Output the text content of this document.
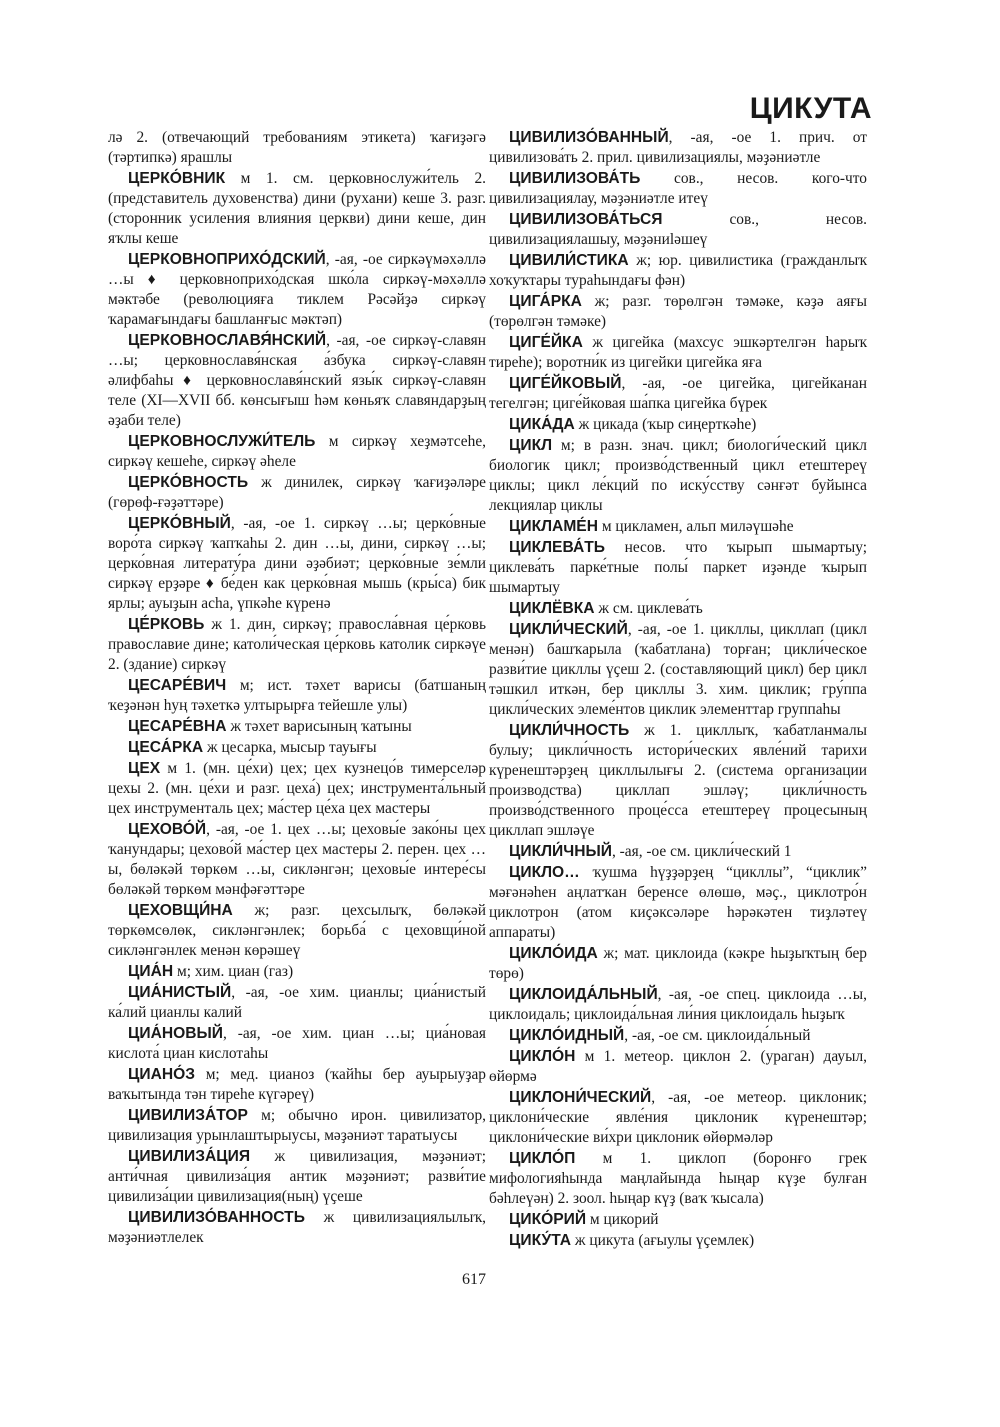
ЦИКУТА

лə 2. (отвечающий требованиям этикета) ҡағиҙəгə (тəртипкə) ярашлы

ЦЕРКО́ВНИК м 1. см. церковнослужи́тель 2. (представитель духовенства) дини (рухани) кеше 3. разг. (сторонник усиления влияния церкви) дини кеше, дин яҡлы кеше

ЦЕРКОВНОПРИХО́ДСКИЙ, -ая, -ое сиркəүмəхəллə …ы ♦ церковноприхо́дская шко́ла сиркəү-мəхəллə мəктəбе (революцияға тиклем Рəсəйҙə сиркəү ҡарамағындағы башланғыс мəктəп)

ЦЕРКОВНОСЛАВЯ́НСКИЙ, -ая, -ое сиркəү-славян …ы; церковнославя́нская а́збука сиркəү-славян əлифбаһы ♦ церковнославя́нский язы́к сиркəү-славян теле (XI—XVII бб. көнсығыш һəм көньяҡ славяндарҙың əҙаби теле)

ЦЕРКОВНОСЛУЖИ́ТЕЛЬ м сиркəү хеҙмəтсеһе, сиркəү кешеһе, сиркəү əһеле

ЦЕРКО́ВНОСТЬ ж динилек, сиркəү ҡағиҙəләре (гөрөф-ғəҙəттəре)

ЦЕРКО́ВНЫЙ, -ая, -ое 1. сиркəү …ы; церко́вные воро́та сиркəү ҡапҡаһы 2. дин …ы, дини, сиркəү …ы; церко́вная литерату́ра дини əҙəбиəт; церко́вные зе́мли сиркəү ерҙəре ♦ бе́ден как церко́вная мышь (кры́са) бик ярлы; ауыҙын асһа, үпкəһе күренə

ЦЕ́РКОВЬ ж 1. дин, сиркəү; правосла́вная це́рковь православие дине; католи́ческая це́рковь католик сиркəүе 2. (здание) сиркəү

ЦЕСАРЕ́ВИЧ м; ист. тəхет варисы (батшаның ҡеҙəнəн һуң тəхеткə ултырырға тейешле улы)

ЦЕСАРЕ́ВНА ж тəхет варисының ҡатыны

ЦЕСА́РКА ж цесарка, мысыр тауығы

ЦЕХ м 1. (мн. це́хи) цех; цех кузнецо́в тимерселəр цехы 2. (мн. це́хи и разг. цеха́) цех; инструмента́льный цех инструменталь цех; ма́стер це́ха цех мастеры

ЦЕХОВО́Й, -ая, -ое 1. цех …ы; цеховы́е зако́ны цех ҡанундары; цехово́й ма́стер цех мастеры 2. перен. цех …ы, бөлəкəй төркөм …ы, сикләнгəн; цеховы́е интере́сы бөлəкəй төркөм мəнфəғəттəре

ЦЕХОВЩИ́НА ж; разг. цехсылыҡ, бөлəкəй төркөмсөлөк, сикләнгəнлек; борьба́ с цеховщи́ной сикләнгəнлек менəн көрəшеү

ЦИА́Н м; хим. циан (газ)

ЦИА́НИСТЫЙ, -ая, -ое хим. цианлы; циа́нистый ка́лий цианлы калий

ЦИА́НОВЫЙ, -ая, -ое хим. циан …ы; циа́новая кислота́ циан кислотаһы

ЦИАНО́З м; мед. цианоз (ҡайһы бер ауырыуҙар ваҡытында тəн тиреһе күгəреү)

ЦИВИЛИЗА́ТОР м; обычно ирон. цивилизатор, цивилизация урынлаштырыусы, мəҙəниəт таратыусы

ЦИВИЛИЗА́ЦИЯ ж цивилизация, мəҙəниəт; анти́чная цивилиза́ция антик мəҙəниəт; разви́тие цивилиза́ции цивилизация(ның) үҫеше

ЦИВИЛИЗО́ВАННОСТЬ ж цивилизациялылыҡ, мəҙəниəтлелек

ЦИВИЛИЗО́ВАННЫЙ, -ая, -ое 1. прич. от цивилизова́ть 2. прил. цивилизациялы, мəҙəниəтле

ЦИВИЛИЗОВА́ТЬ сов., несов. кого-что цивилизациялау, мəҙəниəтле итеү

ЦИВИЛИЗОВА́ТЬСЯ сов., несов. цивилизациялашыу, мəҙəниləшеү

ЦИВИЛИ́СТИКА ж; юр. цивилистика (гражданлыҡ хоҡуҡтары тураһындағы фəн)

ЦИГА́РКА ж; разг. төрөлгəн тəмəке, кəҙə аяғы (төрөлгəн тəмəке)

ЦИГЕ́ЙКА ж цигейка (махсус эшкəртелгəн һарыҡ тиреһе); воротни́к из цигейки цигейка яға

ЦИГЕ́ЙКОВЫЙ, -ая, -ое цигейка, цигейканан тегелгəн; циге́йковая ша́пка цигейка бүрек

ЦИКА́ДА ж цикада (ҡыр сиңерткəһе)

ЦИКЛ м; в разн. знач. цикл; биологи́ческий цикл биологик цикл; произво́дственный цикл етештереү циклы; цикл ле́кций по иску́сству сəнғəт буйынса лекциялар циклы

ЦИКЛАМЕ́Н м цикламен, альп миләүшəһе

ЦИКЛЕВА́ТЬ несов. что ҡырып шымартыу; циклева́ть парке́тные полы́ паркет иҙəнде ҡырып шымартыу

ЦИКЛЁВКА ж см. циклева́ть

ЦИКЛИ́ЧЕСКИЙ, -ая, -ое 1. цикллы, цикллап (цикл менəн) башҡарыла (ҡабатлана) торған; цикли́ческое разви́тие цикллы үҫеш 2. (составляющий цикл) бер цикл тəшкил иткəн, бер цикллы 3. хим. циклик; гру́ппа цикли́ческих элеме́нтов циклик элементтар группаһы

ЦИКЛИ́ЧНОСТЬ ж 1. цикллыҡ, ҡабатланмалы булыу; цикли́чность истори́ческих явле́ний тарихи күренештəрҙең цикллылығы 2. (система организации производства) цикллап эшлəү; цикли́чность произво́дственного проце́сса етештереү процесының цикллап эшлəүе

ЦИКЛИ́ЧНЫЙ, -ая, -ое см. цикли́ческий 1

ЦИКЛО… ҡушма һүҙҙəрҙең “цикллы”, “циклик” мəғəнəһен аңлатҡан беренсе өлөшө, мəҫ., циклотро́н циклотрон (атом киҫəксəләре һəрəкəтен тиҙләтеү аппараты)

ЦИКЛО́ИДА ж; мат. циклоида (кәкре һыҙыҡтың бер төрө)

ЦИКЛОИДА́ЛЬНЫЙ, -ая, -ое спец. циклоида …ы, циклоидаль; циклоида́льная ли́ния циклоидаль һыҙыҡ

ЦИКЛО́ИДНЫЙ, -ая, -ое см. циклоида́льный

ЦИКЛО́Н м 1. метеор. циклон 2. (ураган) дауыл, өйөрмə

ЦИКЛОНИ́ЧЕСКИЙ, -ая, -ое метеор. циклоник; циклони́ческие явле́ния циклоник күренештəр; циклони́ческие ви́хри циклоник өйөрмəләр

ЦИКЛО́П м 1. циклоп (боронғо грек мифологияһында маңлайында һыңар күҙе булған бəһлеүəн) 2. зоол. һыңар күҙ (ваҡ ҡысала)

ЦИКО́РИЙ м цикорий

ЦИКУ́ТА ж цикута (ағыулы үҫемлек)

617
